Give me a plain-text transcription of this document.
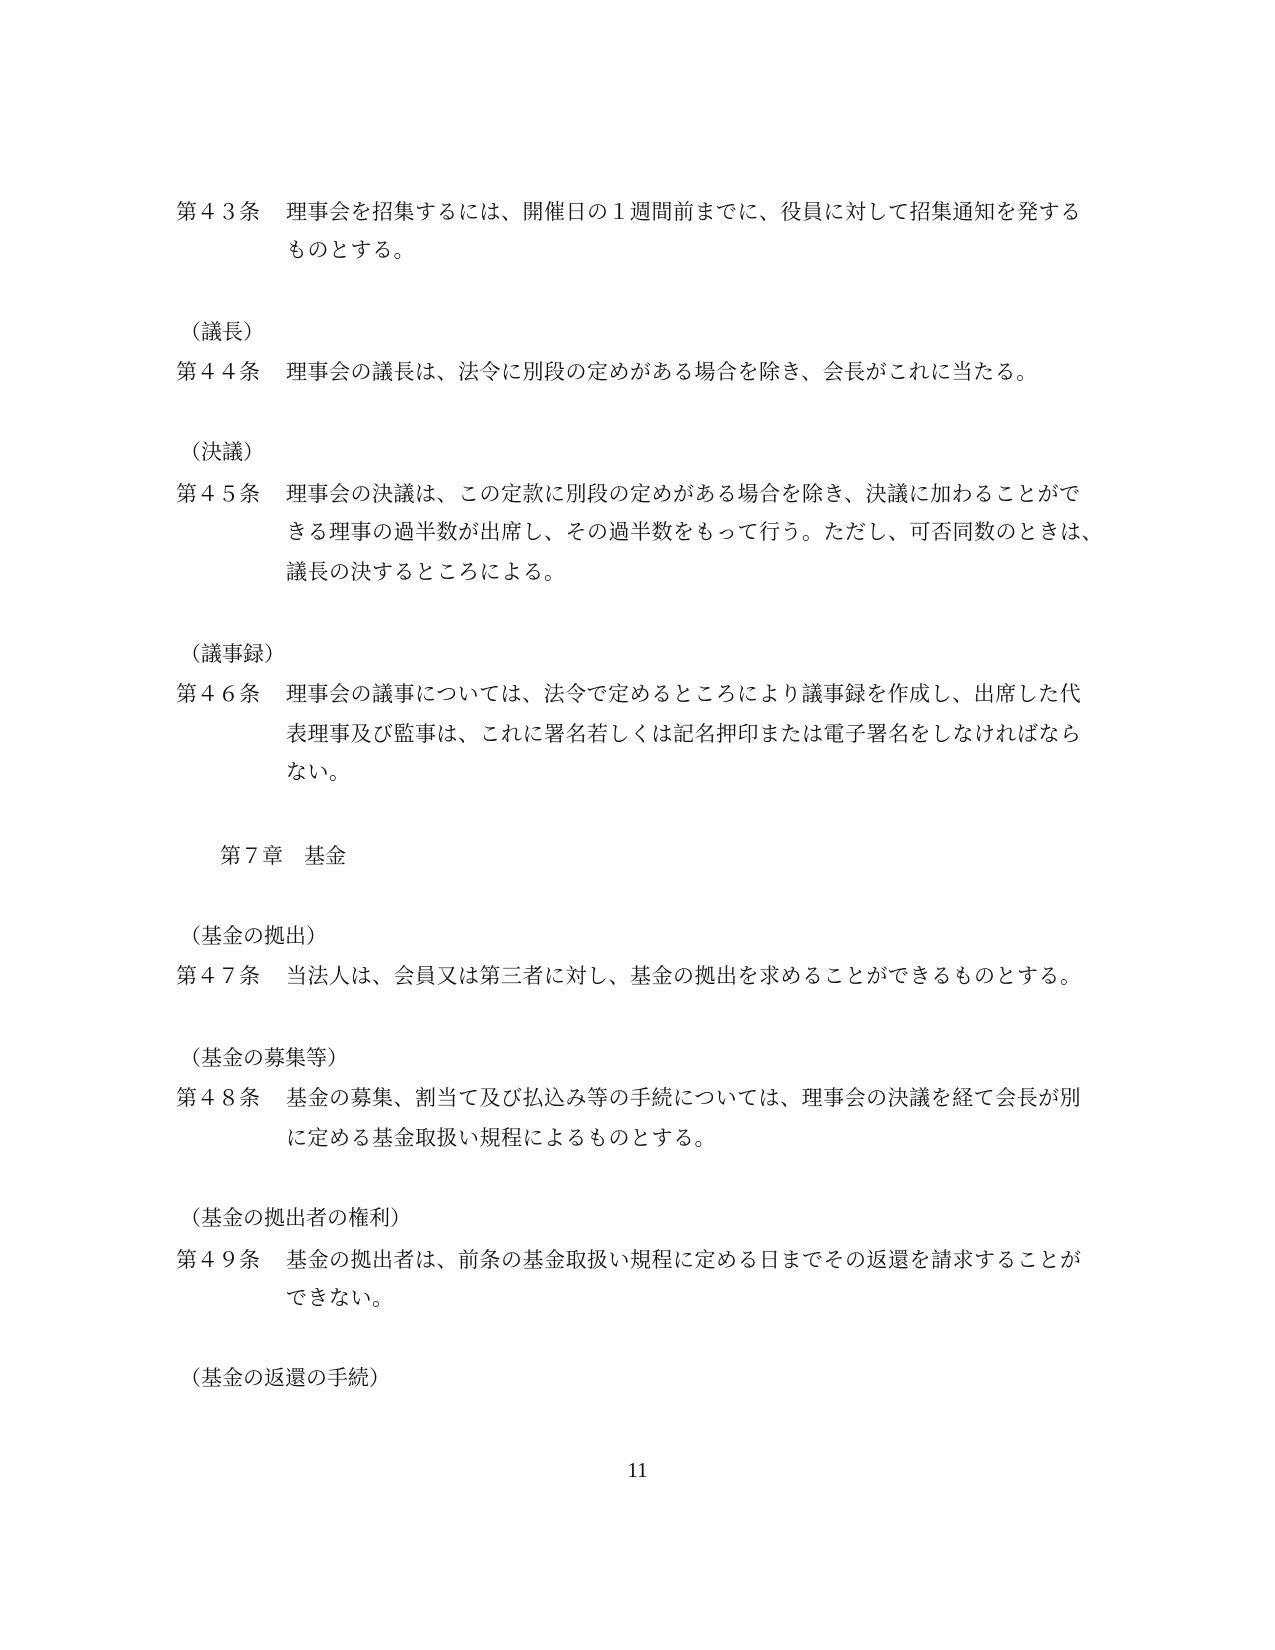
第４３条 理事会を招集するには、開催日の１週間前までに、役員に対して招集通知を発する
ものとする。
（議長）
第４４条 理事会の議長は、法令に別段の定めがある場合を除き、会長がこれに当たる。
（決議）
第４５条 理事会の決議は、この定款に別段の定めがある場合を除き、決議に加わることがで
きる理事の過半数が出席し、その過半数をもって行う。ただし、可否同数のときは、
議長の決するところによる。
（議事録）
第４６条 理事会の議事については、法令で定めるところにより議事録を作成し、出席した代
表理事及び監事は、これに署名若しくは記名押印または電子署名をしなければなら
ない。
第７章　基金
（基金の拠出）
第４７条 当法人は、会員又は第三者に対し、基金の拠出を求めることができるものとする。
（基金の募集等）
第４８条 基金の募集、割当て及び払込み等の手続については、理事会の決議を経て会長が別
に定める基金取扱い規程によるものとする。
（基金の拠出者の権利）
第４９条 基金の拠出者は、前条の基金取扱い規程に定める日までその返還を請求することが
できない。
（基金の返還の手続）
11
